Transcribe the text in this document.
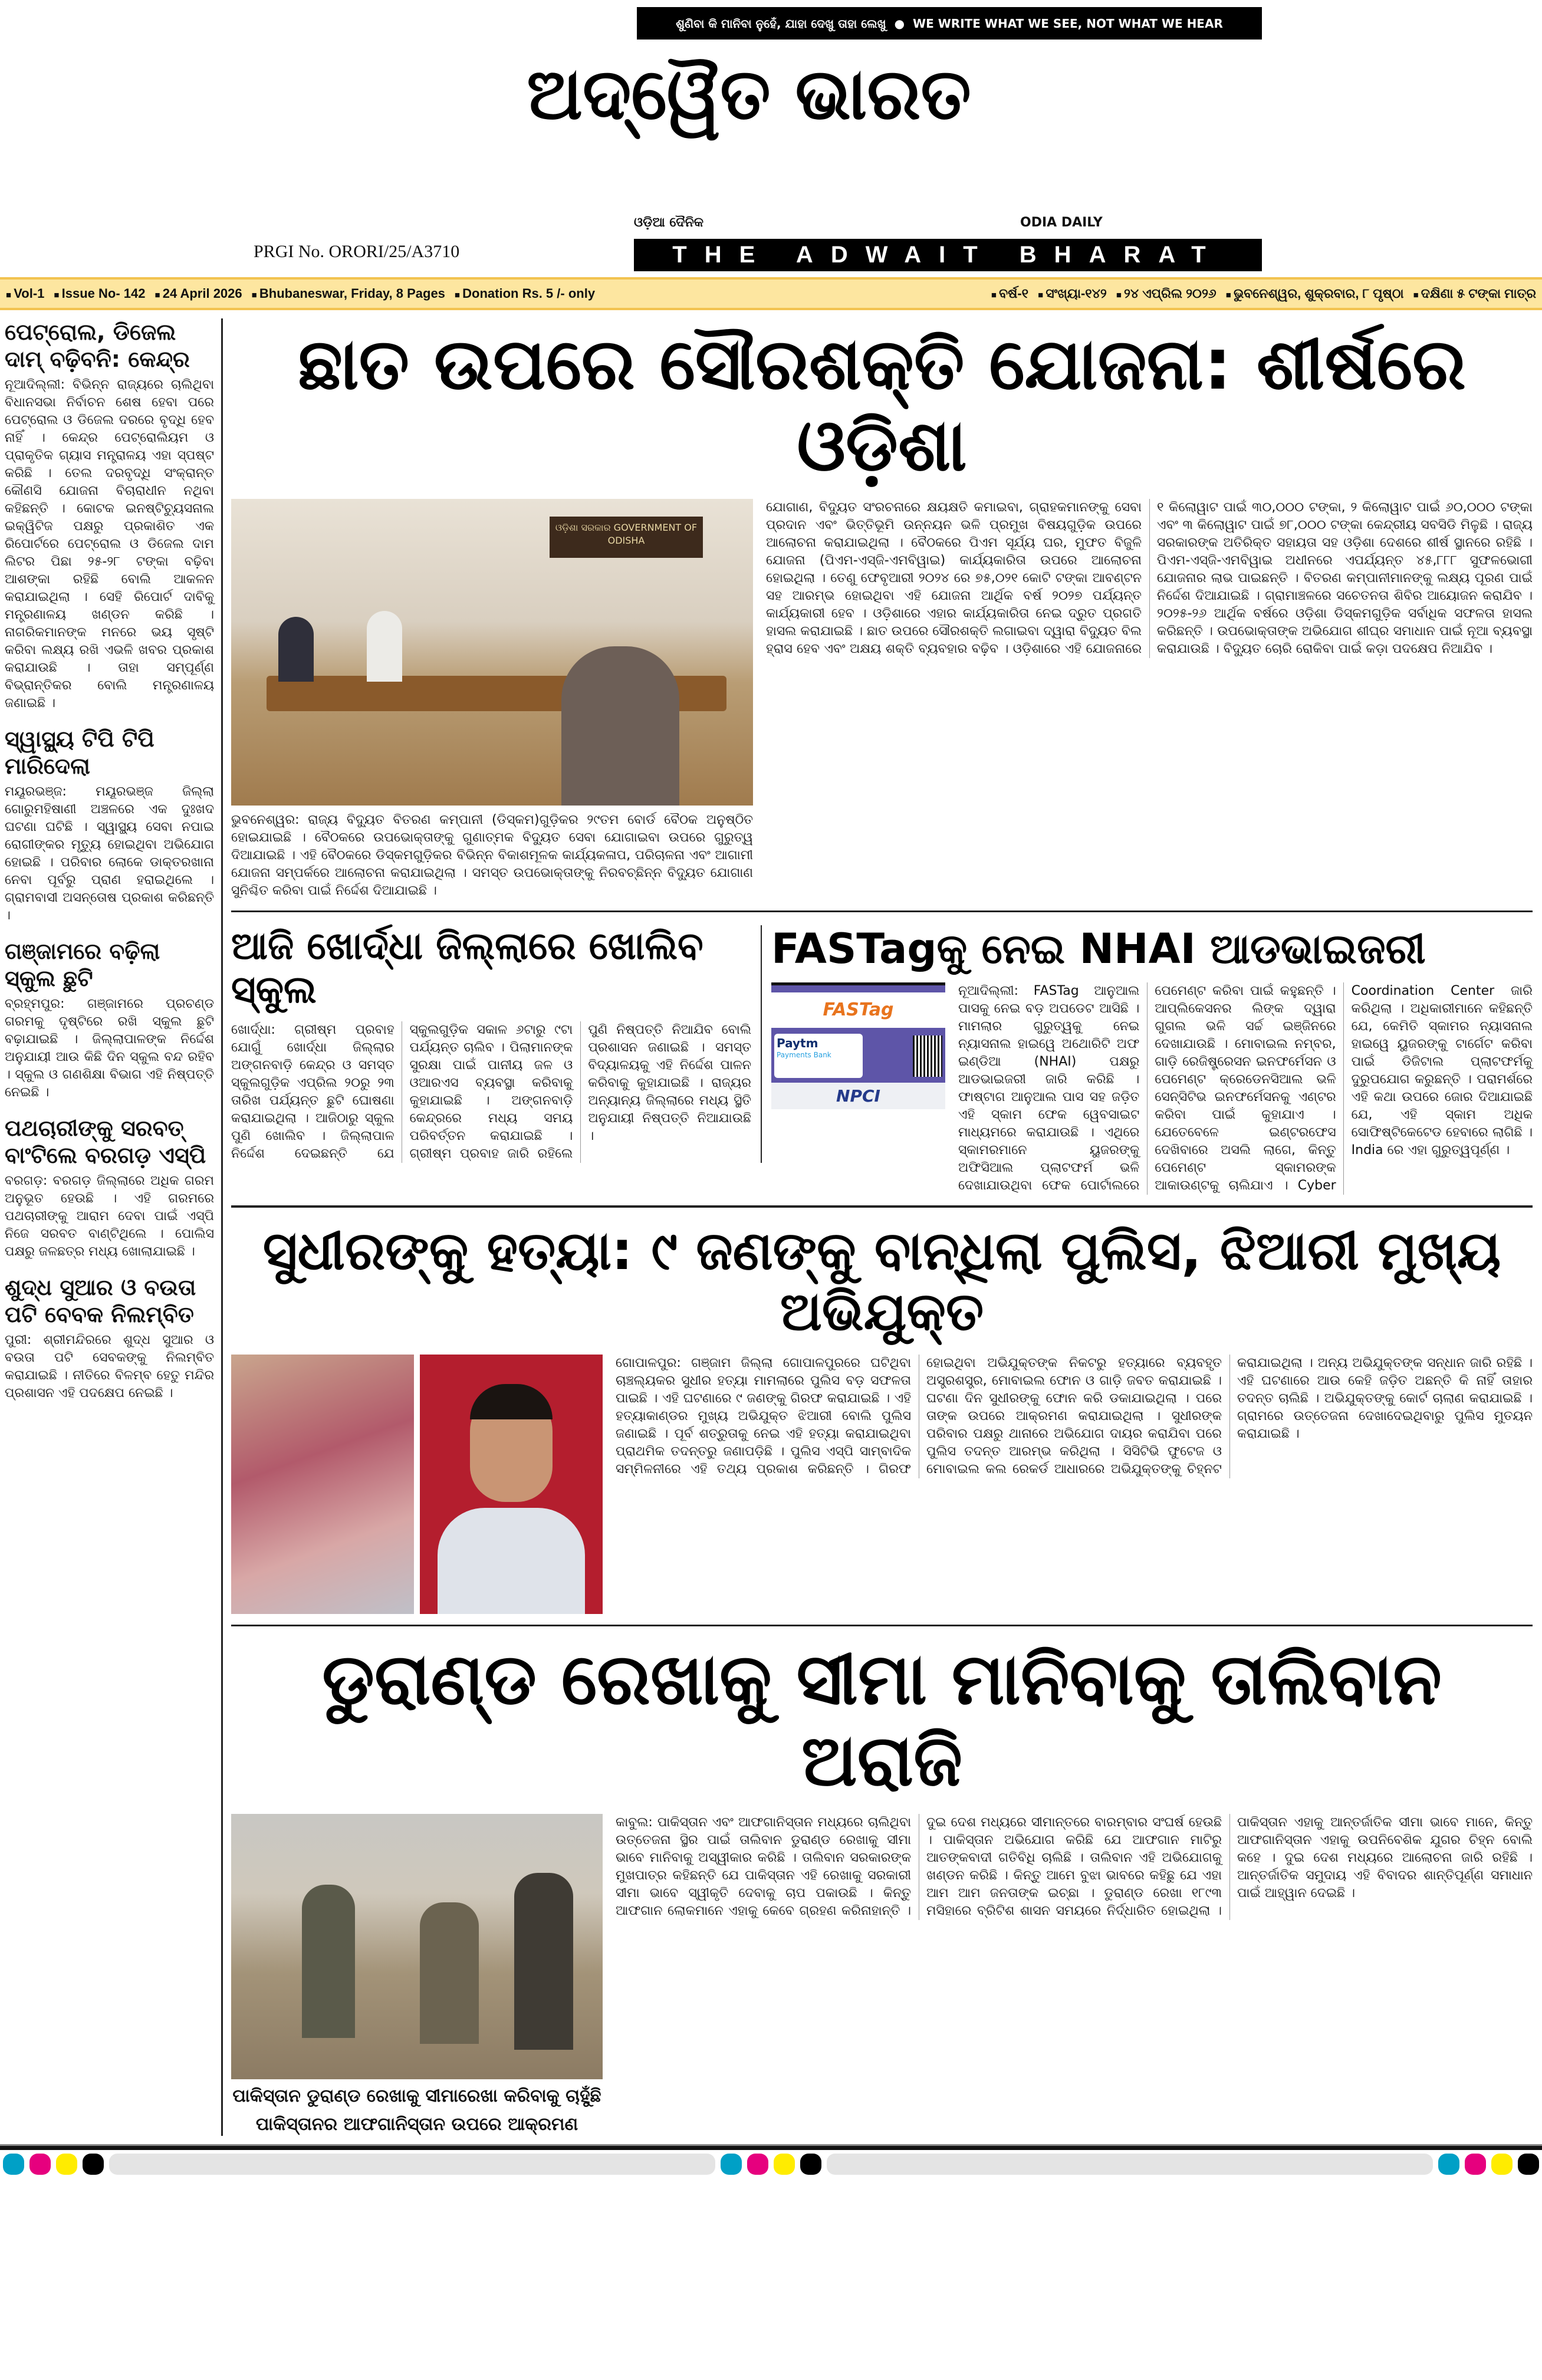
ଶୁଣିବା କି ମାନିବା ନୁହେଁ, ଯାହା ଦେଖୁ ତାହା ଲେଖୁ ● WE WRITE WHAT WE SEE, NOT WHAT WE HEAR
ଅଦ୍ୱୈତ ଭାରତ
ଓଡ଼ିଆ ଦୈନିକ	ODIA DAILY
PRGI No. ORORI/25/A3710	THE ADWAIT BHARAT
■ Vol-1	■ Issue No- 142	■ 24 April 2026	■ Bhubaneswar, Friday, 8 Pages	■ Donation Rs. 5 /- only	■ ବର୍ଷ-୧	■ ସଂଖ୍ୟା-୧୪୨	■ ୨୪ ଏପ୍ରିଲ ୨୦୨୬	■ ଭୁବନେଶ୍ୱର, ଶୁକ୍ରବାର, ୮ ପୃଷ୍ଠା	■ ଦକ୍ଷିଣା ୫ ଟଙ୍କା ମାତ୍ର
ପେଟ୍ରୋଲ, ଡିଜେଲ ଦାମ୍ ବଢ଼ିବନି: କେନ୍ଦ୍ର
ନୂଆଦିଲ୍ଲୀ: ବିଭିନ୍ନ ରାଜ୍ୟରେ ଚାଲିଥିବା ବିଧାନସଭା ନିର୍ବାଚନ ଶେଷ ହେବା ପରେ ପେଟ୍ରୋଲ ଓ ଡିଜେଲ ଦରରେ ବୃଦ୍ଧି ହେବ ନାହିଁ । କେନ୍ଦ୍ର ପେଟ୍ରୋଲିୟମ ଓ ପ୍ରାକୃତିକ ଗ୍ୟାସ ମନ୍ତ୍ରାଳୟ ଏହା ସ୍ପଷ୍ଟ କରିଛି । ତେଲ ଦରବୃଦ୍ଧି ସଂକ୍ରାନ୍ତ କୌଣସି ଯୋଜନା ବିଚାରାଧୀନ ନଥିବା କହିଛନ୍ତି । କୋଟକ ଇନଷ୍ଟିଚ୍ୟୁସନାଲ ଇକ୍ୱିଟିଜ ପକ୍ଷରୁ ପ୍ରକାଶିତ ଏକ ରିପୋର୍ଟରେ ପେଟ୍ରୋଲ ଓ ଡିଜେଲ ଦାମ ଲିଟର ପିଛା ୨୫-୨୮ ଟଙ୍କା ବଢ଼ିବା ଆଶଙ୍କା ରହିଛି ବୋଲି ଆକଳନ କରାଯାଇଥିଲା । ସେହି ରିପୋର୍ଟ ଦାବିକୁ ମନ୍ତ୍ରଣାଳୟ ଖଣ୍ଡନ କରିଛି । ନାଗରିକମାନଙ୍କ ମନରେ ଭୟ ସୃଷ୍ଟି କରିବା ଲକ୍ଷ୍ୟ ରଖି ଏଭଳି ଖବର ପ୍ରକାଶ କରାଯାଉଛି । ତାହା ସମ୍ପୂର୍ଣ୍ଣ ବିଭ୍ରାନ୍ତିକର ବୋଲି ମନ୍ତ୍ରଣାଳୟ ଜଣାଇଛି ।
ସ୍ୱାସ୍ଥ୍ୟ ଟିପି ଟିପି ମାରିଦେଲା
ମୟୂରଭଞ୍ଜ: ମୟୂରଭଞ୍ଜ ଜିଲ୍ଲା ଗୋରୁମହିଷାଣୀ ଅଞ୍ଚଳରେ ଏକ ଦୁଃଖଦ ଘଟଣା ଘଟିଛି । ସ୍ୱାସ୍ଥ୍ୟ ସେବା ନପାଇ ରୋଗୀଙ୍କର ମୃତ୍ୟୁ ହୋଇଥିବା ଅଭିଯୋଗ ହୋଇଛି । ପରିବାର ଲୋକେ ଡାକ୍ତରଖାନା ନେବା ପୂର୍ବରୁ ପ୍ରାଣ ହରାଇଥିଲେ । ଗ୍ରାମବାସୀ ଅସନ୍ତୋଷ ପ୍ରକାଶ କରିଛନ୍ତି ।
ଗଞ୍ଜାମରେ ବଢ଼ିଲା ସ୍କୁଲ ଛୁଟି
ବ୍ରହ୍ମପୁର: ଗଞ୍ଜାମରେ ପ୍ରଚଣ୍ଡ ଗରମକୁ ଦୃଷ୍ଟିରେ ରଖି ସ୍କୁଲ ଛୁଟି ବଢ଼ାଯାଇଛି । ଜିଲ୍ଲାପାଳଙ୍କ ନିର୍ଦ୍ଦେଶ ଅନୁଯାୟୀ ଆଉ କିଛି ଦିନ ସ୍କୁଲ ବନ୍ଦ ରହିବ । ସ୍କୁଲ ଓ ଗଣଶିକ୍ଷା ବିଭାଗ ଏହି ନିଷ୍ପତ୍ତି ନେଇଛି ।
ପଥଚାରୀଙ୍କୁ ସରବତ୍ ବାଂଟିଲେ ବରଗଡ଼ ଏସ୍‌ପି
ବରଗଡ଼: ବରଗଡ଼ ଜିଲ୍ଲାରେ ଅଧିକ ଗରମ ଅନୁଭୂତ ହେଉଛି । ଏହି ଗରମରେ ପଥଚାରୀଙ୍କୁ ଆରାମ ଦେବା ପାଇଁ ଏସ୍‌ପି ନିଜେ ସରବତ ବାଣ୍ଟିଥିଲେ । ପୋଲିସ ପକ୍ଷରୁ ଜଳଛତ୍ର ମଧ୍ୟ ଖୋଲାଯାଇଛି ।
ଶୁଦ୍ଧ ସୁଆର ଓ ବଉତା ପଟି ବେବକ ନିଲମ୍ବିତ
ପୁରୀ: ଶ୍ରୀମନ୍ଦିରରେ ଶୁଦ୍ଧ ସୁଆର ଓ ବଉତା ପଟି ସେବକଙ୍କୁ ନିଲମ୍ବିତ କରାଯାଇଛି । ନୀତିରେ ବିଳମ୍ବ ହେତୁ ମନ୍ଦିର ପ୍ରଶାସନ ଏହି ପଦକ୍ଷେପ ନେଇଛି ।
ଛାତ ଉପରେ ସୌରଶକ୍ତି ଯୋଜନା: ଶୀର୍ଷରେ ଓଡ଼ିଶା
ଓଡ଼ିଶା ସରକାର GOVERNMENT OF ODISHA
ଭୁବନେଶ୍ୱର: ରାଜ୍ୟ ବିଦ୍ୟୁତ ବିତରଣ କମ୍ପାନୀ (ଡିସ୍କମ)ଗୁଡ଼ିକର ୨୯ତମ ବୋର୍ଡ ବୈଠକ ଅନୁଷ୍ଠିତ ହୋଇଯାଇଛି । ବୈଠକରେ ଉପଭୋକ୍ତାଙ୍କୁ ଗୁଣାତ୍ମକ ବିଦ୍ୟୁତ ସେବା ଯୋଗାଇବା ଉପରେ ଗୁରୁତ୍ୱ ଦିଆଯାଇଛି । ଏହି ବୈଠକରେ ଡିସ୍କମଗୁଡ଼ିକର ବିଭିନ୍ନ ବିକାଶମୂଳକ କାର୍ଯ୍ୟକଳାପ, ପରିଚାଳନା ଏବଂ ଆଗାମୀ ଯୋଜନା ସମ୍ପର୍କରେ ଆଲୋଚନା କରାଯାଇଥିଲା । ସମସ୍ତ ଉପଭୋକ୍ତାଙ୍କୁ ନିରବଚ୍ଛିନ୍ନ ବିଦ୍ୟୁତ ଯୋଗାଣ ସୁନିଶ୍ଚିତ କରିବା ପାଇଁ ନିର୍ଦ୍ଦେଶ ଦିଆଯାଇଛି ।
ଯୋଗାଣ, ବିଦ୍ୟୁତ ସଂରଚନାରେ କ୍ଷୟକ୍ଷତି କମାଇବା, ଗ୍ରାହକମାନଙ୍କୁ ସେବା ପ୍ରଦାନ ଏବଂ ଭିତ୍ତିଭୂମି ଉନ୍ନୟନ ଭଳି ପ୍ରମୁଖ ବିଷୟଗୁଡ଼ିକ ଉପରେ ଆଲୋଚନା କରାଯାଇଥିଲା । ବୈଠକରେ ପିଏମ ସୂର୍ଯ୍ୟ ଘର, ମୁଫତ ବିଜୁଳି ଯୋଜନା (ପିଏମ-ଏସ୍‌ଜି-ଏମବିୱାଇ) କାର୍ଯ୍ୟକାରିତା ଉପରେ ଆଲୋଚନା ହୋଇଥିଲା । ତେଣୁ ଫେବୃଆରୀ ୨୦୨୪ ରେ ୭୫,୦୨୧ କୋଟି ଟଙ୍କା ଆବଣ୍ଟନ ସହ ଆରମ୍ଭ ହୋଇଥିବା ଏହି ଯୋଜନା ଆର୍ଥିକ ବର୍ଷ ୨୦୨୭ ପର୍ଯ୍ୟନ୍ତ କାର୍ଯ୍ୟକାରୀ ହେବ । ଓଡ଼ିଶାରେ ଏହାର କାର୍ଯ୍ୟକାରିତା ନେଇ ଦ୍ରୁତ ପ୍ରଗତି ହାସଲ କରାଯାଇଛି । ଛାତ ଉପରେ ସୌରଶକ୍ତି ଲଗାଇବା ଦ୍ୱାରା ବିଦ୍ୟୁତ ବିଲ ହ୍ରାସ ହେବ ଏବଂ ଅକ୍ଷୟ ଶକ୍ତି ବ୍ୟବହାର ବଢ଼ିବ । ଓଡ଼ିଶାରେ ଏହି ଯୋଜନାରେ ୧ କିଲୋୱାଟ ପାଇଁ ୩୦,୦୦୦ ଟଙ୍କା, ୨ କିଲୋୱାଟ ପାଇଁ ୬୦,୦୦୦ ଟଙ୍କା ଏବଂ ୩ କିଲୋୱାଟ ପାଇଁ ୭୮,୦୦୦ ଟଙ୍କା କେନ୍ଦ୍ରୀୟ ସବସିଡି ମିଳୁଛି । ରାଜ୍ୟ ସରକାରଙ୍କ ଅତିରିକ୍ତ ସହାୟତା ସହ ଓଡ଼ିଶା ଦେଶରେ ଶୀର୍ଷ ସ୍ଥାନରେ ରହିଛି । ପିଏମ-ଏସ୍‌ଜି-ଏମବିୱାଇ ଅଧୀନରେ ଏପର୍ଯ୍ୟନ୍ତ ୪୫,୮୮୮ ସୁଫଳଭୋଗୀ ଯୋଜନାର ଲାଭ ପାଇଛନ୍ତି । ବିତରଣ କମ୍ପାନୀମାନଙ୍କୁ ଲକ୍ଷ୍ୟ ପୂରଣ ପାଇଁ ନିର୍ଦ୍ଦେଶ ଦିଆଯାଇଛି । ଗ୍ରାମାଞ୍ଚଳରେ ସଚେତନତା ଶିବିର ଆୟୋଜନ କରାଯିବ । ୨୦୨୫-୨୬ ଆର୍ଥିକ ବର୍ଷରେ ଓଡ଼ିଶା ଡିସ୍କମଗୁଡ଼ିକ ସର୍ବାଧିକ ସଫଳତା ହାସଲ କରିଛନ୍ତି । ଉପଭୋକ୍ତାଙ୍କ ଅଭିଯୋଗ ଶୀଘ୍ର ସମାଧାନ ପାଇଁ ନୂଆ ବ୍ୟବସ୍ଥା କରାଯାଉଛି । ବିଦ୍ୟୁତ ଚୋରି ରୋକିବା ପାଇଁ କଡ଼ା ପଦକ୍ଷେପ ନିଆଯିବ ।
ଆଜି ଖୋର୍ଦ୍ଧା ଜିଲ୍ଲାରେ ଖୋଲିବ ସ୍କୁଲ
ଖୋର୍ଦ୍ଧା: ଗ୍ରୀଷ୍ମ ପ୍ରବାହ ଯୋଗୁଁ ଖୋର୍ଦ୍ଧା ଜିଲ୍ଲାର ଅଙ୍ଗନବାଡ଼ି କେନ୍ଦ୍ର ଓ ସମସ୍ତ ସ୍କୁଲଗୁଡ଼ିକ ଏପ୍ରିଲ ୨୦ରୁ ୨୩ ତାରିଖ ପର୍ଯ୍ୟନ୍ତ ଛୁଟି ଘୋଷଣା କରାଯାଇଥିଲା । ଆଜିଠାରୁ ସ୍କୁଲ ପୁଣି ଖୋଲିବ । ଜିଲ୍ଲାପାଳ ନିର୍ଦ୍ଦେଶ ଦେଇଛନ୍ତି ଯେ ସ୍କୁଲଗୁଡ଼ିକ ସକାଳ ୬ଟାରୁ ୯ଟା ପର୍ଯ୍ୟନ୍ତ ଚାଲିବ । ପିଲାମାନଙ୍କ ସୁରକ୍ଷା ପାଇଁ ପାନୀୟ ଜଳ ଓ ଓଆରଏସ ବ୍ୟବସ୍ଥା କରିବାକୁ କୁହାଯାଇଛି । ଅଙ୍ଗନବାଡ଼ି କେନ୍ଦ୍ରରେ ମଧ୍ୟ ସମୟ ପରିବର୍ତ୍ତନ କରାଯାଇଛି । ଗ୍ରୀଷ୍ମ ପ୍ରବାହ ଜାରି ରହିଲେ ପୁଣି ନିଷ୍ପତ୍ତି ନିଆଯିବ ବୋଲି ପ୍ରଶାସନ ଜଣାଇଛି । ସମସ୍ତ ବିଦ୍ୟାଳୟକୁ ଏହି ନିର୍ଦ୍ଦେଶ ପାଳନ କରିବାକୁ କୁହାଯାଇଛି । ରାଜ୍ୟର ଅନ୍ୟାନ୍ୟ ଜିଲ୍ଲାରେ ମଧ୍ୟ ସ୍ଥିତି ଅନୁଯାୟୀ ନିଷ୍ପତ୍ତି ନିଆଯାଉଛି ।
FASTagକୁ ନେଇ NHAI ଆଡଭାଇଜରୀ
FASTag
Paytm
Payments Bank
NPCI
ନୂଆଦିଲ୍ଲୀ: FASTag ଆନୁଆଲ ପାସକୁ ନେଇ ବଡ଼ ଅପଡେଟ ଆସିଛି । ମାମଲାର ଗୁରୁତ୍ୱକୁ ନେଇ ନ୍ୟାସନାଲ ହାଇୱେ ଅଥୋରିଟି ଅଫ ଇଣ୍ଡିଆ (NHAI) ପକ୍ଷରୁ ଆଡଭାଇଜରୀ ଜାରି କରିଛି । ଫାଷ୍ଟାଗ ଆନୁଆଲ ପାସ ସହ ଜଡ଼ିତ ଏହି ସ୍କାମ ଫେକ ୱେବସାଇଟ ମାଧ୍ୟମରେ କରାଯାଉଛି । ଏଥିରେ ସ୍କାମରମାନେ ୟୁଜରଙ୍କୁ ଅଫିସିଆଲ ପ୍ଲାଟଫର୍ମ ଭଳି ଦେଖାଯାଉଥିବା ଫେକ ପୋର୍ଟାଲରେ ପେମେଣ୍ଟ କରିବା ପାଇଁ କହୁଛନ୍ତି । ଆପ୍ଲିକେସନର ଲିଙ୍କ ଦ୍ୱାରା ଗୁଗଲ ଭଳି ସର୍ଚ୍ଚ ଇଞ୍ଜିନରେ ଦେଖାଯାଉଛି । ମୋବାଇଲ ନମ୍ବର, ଗାଡ଼ି ରେଜିଷ୍ଟ୍ରେସନ ଇନଫର୍ମେସନ ଓ ପେମେଣ୍ଟ କ୍ରେଡେନସିଆଲ ଭଳି ସେନ୍ସିଟିଭ ଇନଫର୍ମେସନକୁ ଏଣ୍ଟର କରିବା ପାଇଁ କୁହାଯାଏ । ଯେତେବେଳେ ଇଣ୍ଟରଫେସ ଦେଖିବାରେ ଅସଲି ଲାଗେ, କିନ୍ତୁ ପେମେଣ୍ଟ ସ୍କାମରଙ୍କ ଆକାଉଣ୍ଟକୁ ଚାଲିଯାଏ । Cyber Coordination Center ଜାରି କରିଥିଲା । ଅଧିକାରୀମାନେ କହିଛନ୍ତି ଯେ, କେମିତି ସ୍କାମର ନ୍ୟାସନାଲ ହାଇୱେ ୟୁଜରଙ୍କୁ ଟାର୍ଗେଟ କରିବା ପାଇଁ ଡିଜିଟାଲ ପ୍ଲାଟଫର୍ମକୁ ଦୁରୁପଯୋଗ କରୁଛନ୍ତି । ପରାମର୍ଶରେ ଏହି କଥା ଉପରେ ଜୋର ଦିଆଯାଇଛି ଯେ, ଏହି ସ୍କାମ ଅଧିକ ସୋଫିଷ୍ଟିକେଟେଡ ହେବାରେ ଲାଗିଛି । India ରେ ଏହା ଗୁରୁତ୍ୱପୂର୍ଣ୍ଣ ।
ସୁଧୀରଙ୍କୁ ହତ୍ୟା: ୯ ଜଣଙ୍କୁ ବାନ୍ଧିଲା ପୁଲିସ, ଝିଆରୀ ମୁଖ୍ୟ ଅଭିଯୁକ୍ତ
ଗୋପାଳପୁର: ଗଞ୍ଜାମ ଜିଲ୍ଲା ଗୋପାଳପୁରରେ ଘଟିଥିବା ଚାଞ୍ଚଲ୍ୟକର ସୁଧୀର ହତ୍ୟା ମାମଲାରେ ପୁଲିସ ବଡ଼ ସଫଳତା ପାଇଛି । ଏହି ଘଟଣାରେ ୯ ଜଣଙ୍କୁ ଗିରଫ କରାଯାଇଛି । ଏହି ହତ୍ୟାକାଣ୍ଡର ମୁଖ୍ୟ ଅଭିଯୁକ୍ତ ଝିଆରୀ ବୋଲି ପୁଲିସ ଜଣାଇଛି । ପୂର୍ବ ଶତ୍ରୁତାକୁ ନେଇ ଏହି ହତ୍ୟା କରାଯାଇଥିବା ପ୍ରାଥମିକ ତଦନ୍ତରୁ ଜଣାପଡ଼ିଛି । ପୁଲିସ ଏସ୍‌ପି ସାମ୍ବାଦିକ ସମ୍ମିଳନୀରେ ଏହି ତଥ୍ୟ ପ୍ରକାଶ କରିଛନ୍ତି । ଗିରଫ ହୋଇଥିବା ଅଭିଯୁକ୍ତଙ୍କ ନିକଟରୁ ହତ୍ୟାରେ ବ୍ୟବହୃତ ଅସ୍ତ୍ରଶସ୍ତ୍ର, ମୋବାଇଲ ଫୋନ ଓ ଗାଡ଼ି ଜବତ କରାଯାଇଛି । ଘଟଣା ଦିନ ସୁଧୀରଙ୍କୁ ଫୋନ କରି ଡକାଯାଇଥିଲା । ପରେ ତାଙ୍କ ଉପରେ ଆକ୍ରମଣ କରାଯାଇଥିଲା । ସୁଧୀରଙ୍କ ପରିବାର ପକ୍ଷରୁ ଥାନାରେ ଅଭିଯୋଗ ଦାୟର କରାଯିବା ପରେ ପୁଲିସ ତଦନ୍ତ ଆରମ୍ଭ କରିଥିଲା । ସିସିଟିଭି ଫୁଟେଜ ଓ ମୋବାଇଲ କଲ ରେକର୍ଡ ଆଧାରରେ ଅଭିଯୁକ୍ତଙ୍କୁ ଚିହ୍ନଟ କରାଯାଇଥିଲା । ଅନ୍ୟ ଅଭିଯୁକ୍ତଙ୍କ ସନ୍ଧାନ ଜାରି ରହିଛି । ଏହି ଘଟଣାରେ ଆଉ କେହି ଜଡ଼ିତ ଅଛନ୍ତି କି ନାହିଁ ତାହାର ତଦନ୍ତ ଚାଲିଛି । ଅଭିଯୁକ୍ତଙ୍କୁ କୋର୍ଟ ଚାଲାଣ କରାଯାଇଛି । ଗ୍ରାମରେ ଉତ୍ତେଜନା ଦେଖାଦେଇଥିବାରୁ ପୁଲିସ ମୁତୟନ କରାଯାଇଛି ।
ଡୁରାଣ୍ଡ ରେଖାକୁ ସୀମା ମାନିବାକୁ ତାଲିବାନ ଅରାଜି
ପାକିସ୍ତାନ ଡୁରାଣ୍ଡ ରେଖାକୁ ସୀମାରେଖା କରିବାକୁ ଚାହୁଁଛି
ପାକିସ୍ତାନର ଆଫଗାନିସ୍ତାନ ଉପରେ ଆକ୍ରମଣ
କାବୁଲ: ପାକିସ୍ତାନ ଏବଂ ଆଫଗାନିସ୍ତାନ ମଧ୍ୟରେ ଚାଲିଥିବା ଉତ୍ତେଜନା ସ୍ଥିର ପାଇଁ ତାଲିବାନ ଡୁରାଣ୍ଡ ରେଖାକୁ ସୀମା ଭାବେ ମାନିବାକୁ ଅସ୍ୱୀକାର କରିଛି । ତାଲିବାନ ସରକାରଙ୍କ ମୁଖପାତ୍ର କହିଛନ୍ତି ଯେ ପାକିସ୍ତାନ ଏହି ରେଖାକୁ ସରକାରୀ ସୀମା ଭାବେ ସ୍ୱୀକୃତି ଦେବାକୁ ଚାପ ପକାଉଛି । କିନ୍ତୁ ଆଫଗାନ ଲୋକମାନେ ଏହାକୁ କେବେ ଗ୍ରହଣ କରିନାହାନ୍ତି । ଦୁଇ ଦେଶ ମଧ୍ୟରେ ସୀମାନ୍ତରେ ବାରମ୍ବାର ସଂଘର୍ଷ ହେଉଛି । ପାକିସ୍ତାନ ଅଭିଯୋଗ କରିଛି ଯେ ଆଫଗାନ ମାଟିରୁ ଆତଙ୍କବାଦୀ ଗତିବିଧି ଚାଲିଛି । ତାଲିବାନ ଏହି ଅଭିଯୋଗକୁ ଖଣ୍ଡନ କରିଛି । କିନ୍ତୁ ଆମେ ବୁଝା ଭାବରେ କହିଛୁ ଯେ ଏହା ଆମ ଆମ ଜନତାଙ୍କ ଇଚ୍ଛା । ଡୁରାଣ୍ଡ ରେଖା ୧୮୯୩ ମସିହାରେ ବ୍ରିଟିଶ ଶାସନ ସମୟରେ ନିର୍ଦ୍ଧାରିତ ହୋଇଥିଲା । ପାକିସ୍ତାନ ଏହାକୁ ଆନ୍ତର୍ଜାତିକ ସୀମା ଭାବେ ମାନେ, କିନ୍ତୁ ଆଫଗାନିସ୍ତାନ ଏହାକୁ ଉପନିବେଶିକ ଯୁଗର ଚିହ୍ନ ବୋଲି କହେ । ଦୁଇ ଦେଶ ମଧ୍ୟରେ ଆଲୋଚନା ଜାରି ରହିଛି । ଆନ୍ତର୍ଜାତିକ ସମୁଦାୟ ଏହି ବିବାଦର ଶାନ୍ତିପୂର୍ଣ୍ଣ ସମାଧାନ ପାଇଁ ଆହ୍ୱାନ ଦେଇଛି ।
